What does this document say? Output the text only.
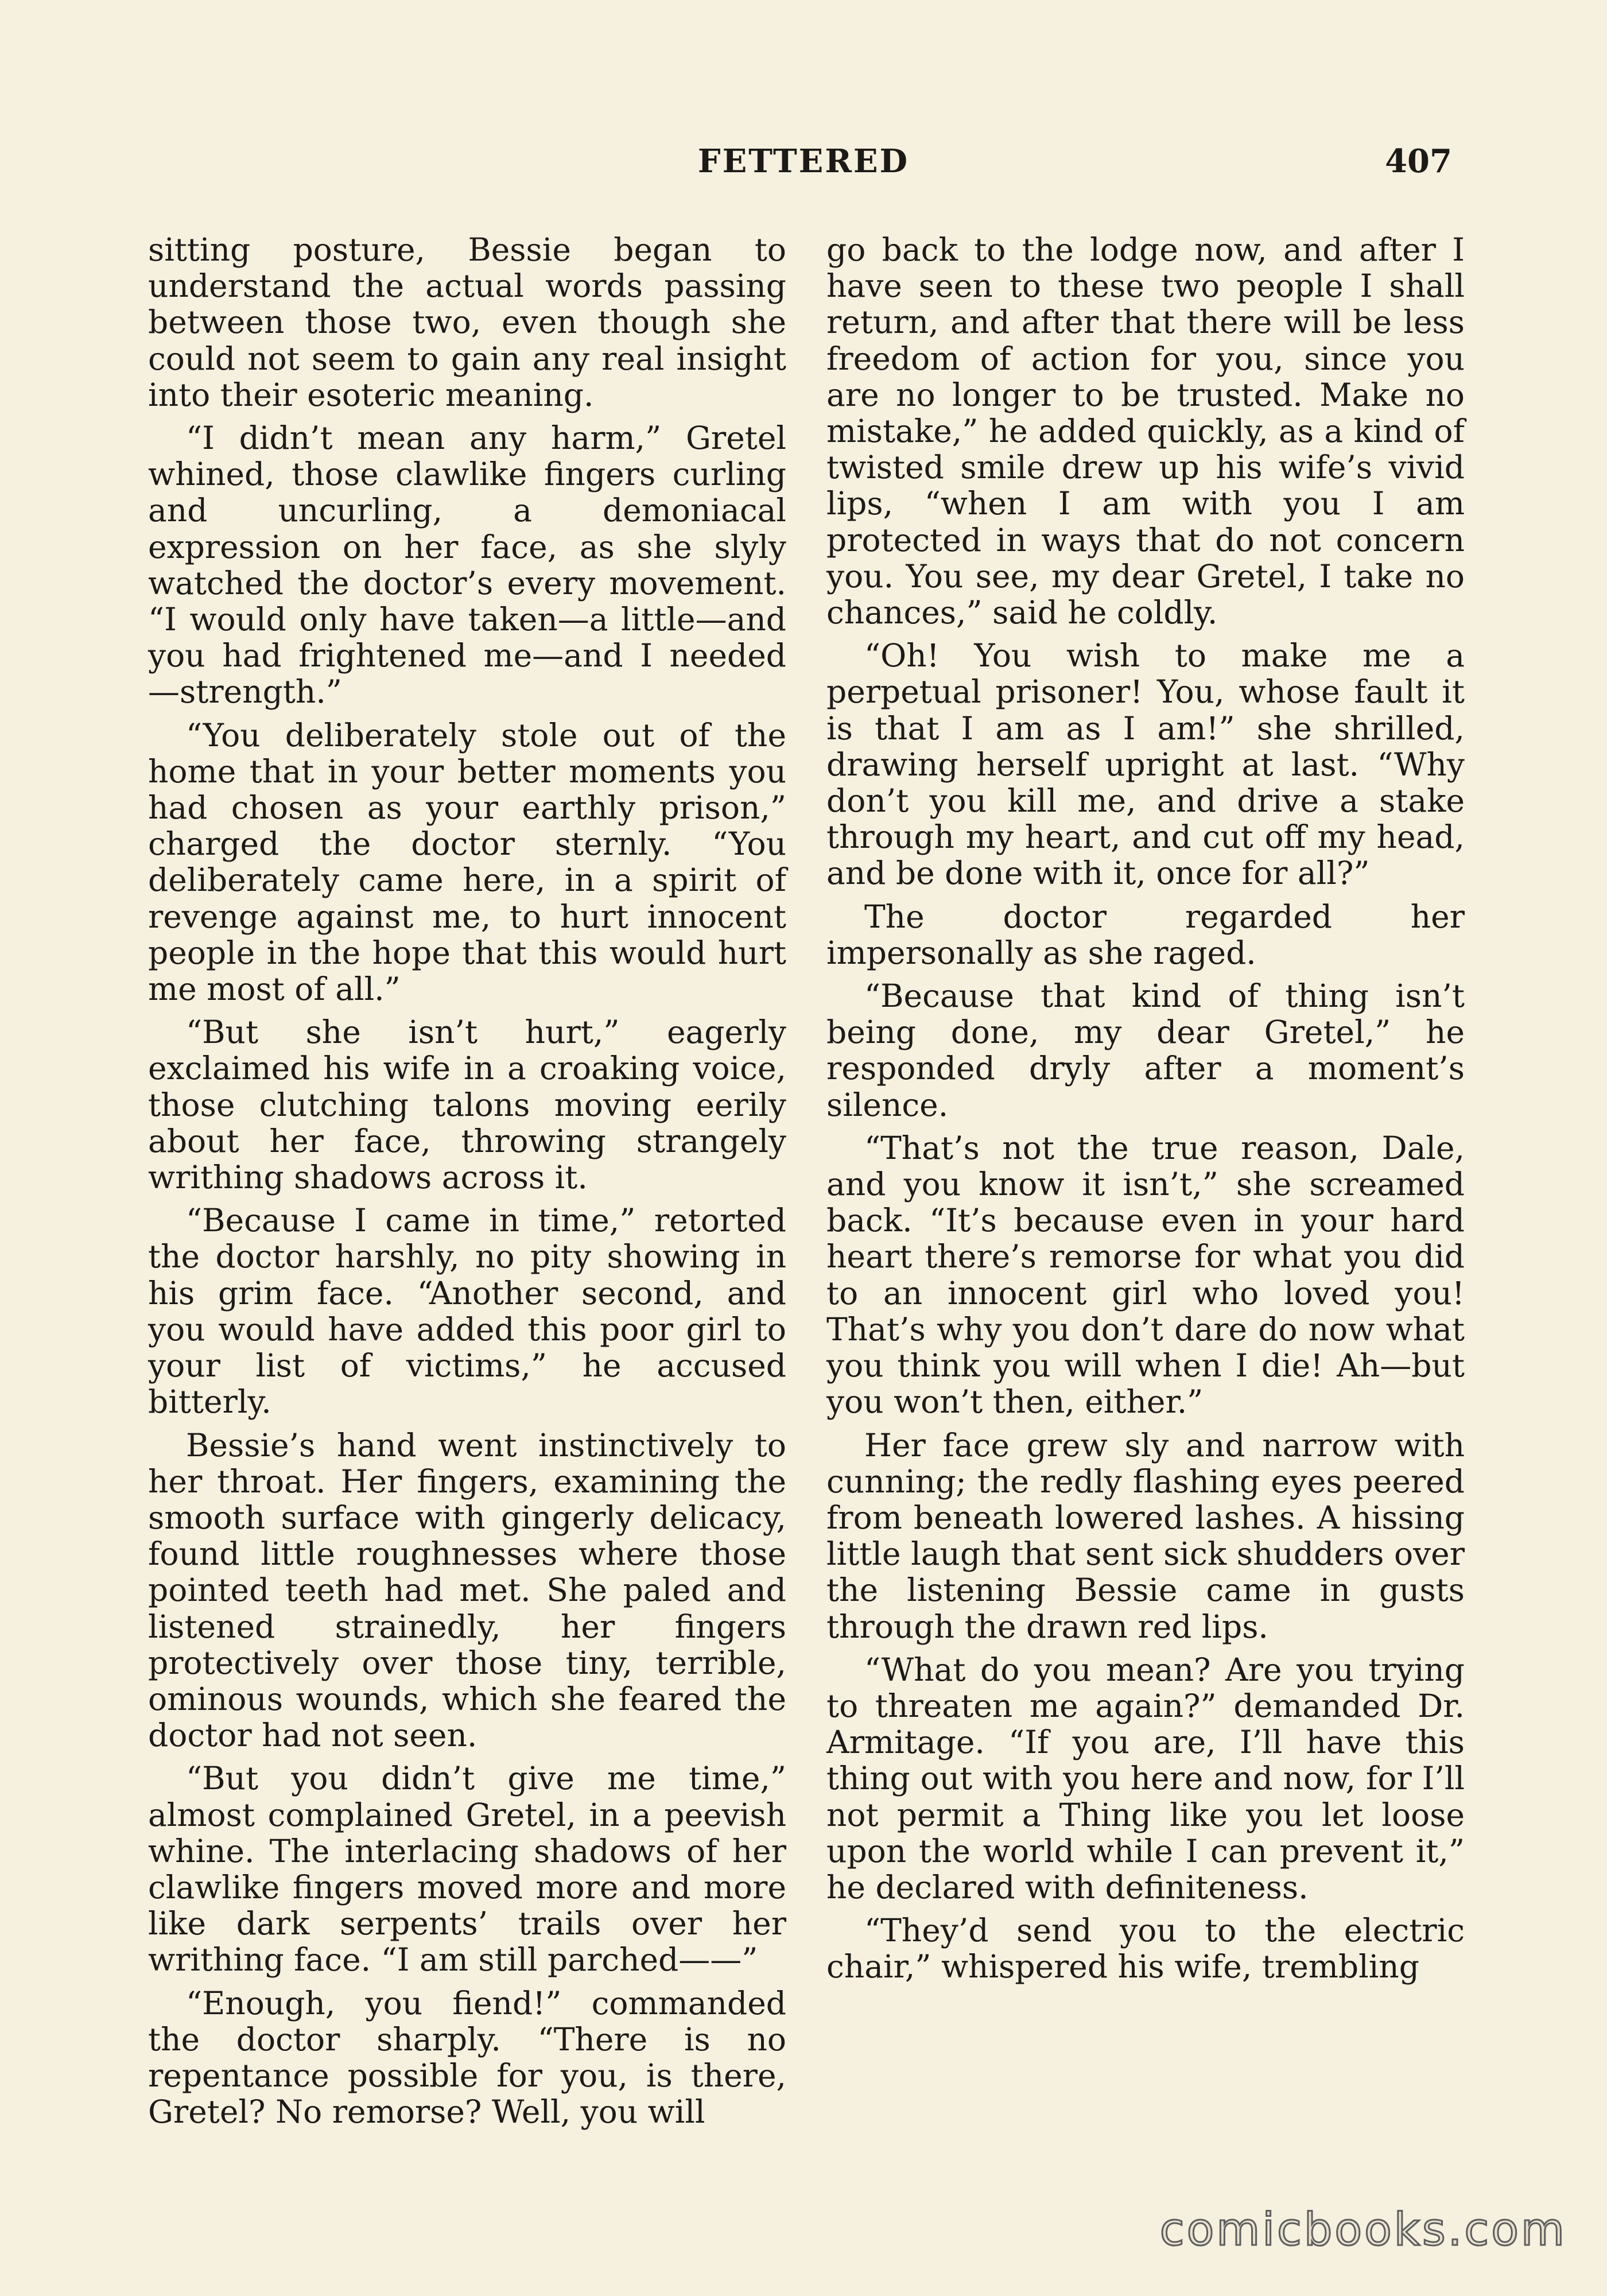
FETTERED	407

sitting posture, Bessie began to understand the actual words passing between those two, even though she could not seem to gain any real insight into their esoteric meaning.

“I didn’t mean any harm,” Gretel whined, those clawlike fingers curling and uncurling, a demoniacal expression on her face, as she slyly watched the doctor’s every movement. “I would only have taken—a little—and you had frightened me—and I needed —strength.”

“You deliberately stole out of the home that in your better moments you had chosen as your earthly prison,” charged the doctor sternly. “You deliberately came here, in a spirit of revenge against me, to hurt innocent people in the hope that this would hurt me most of all.”

“But she isn’t hurt,” eagerly exclaimed his wife in a croaking voice, those clutching talons moving eerily about her face, throwing strangely writhing shadows across it.

“Because I came in time,” retorted the doctor harshly, no pity showing in his grim face. “Another second, and you would have added this poor girl to your list of victims,” he accused bitterly.

Bessie’s hand went instinctively to her throat. Her fingers, examining the smooth surface with gingerly delicacy, found little roughnesses where those pointed teeth had met. She paled and listened strainedly, her fingers protectively over those tiny, terrible, ominous wounds, which she feared the doctor had not seen.

“But you didn’t give me time,” almost complained Gretel, in a peevish whine. The interlacing shadows of her clawlike fingers moved more and more like dark serpents’ trails over her writhing face. “I am still parched——”

“Enough, you fiend!” commanded the doctor sharply. “There is no repentance possible for you, is there, Gretel? No remorse? Well, you will

go back to the lodge now, and after I have seen to these two people I shall return, and after that there will be less freedom of action for you, since you are no longer to be trusted. Make no mistake,” he added quickly, as a kind of twisted smile drew up his wife’s vivid lips, “when I am with you I am protected in ways that do not concern you. You see, my dear Gretel, I take no chances,” said he coldly.

“Oh! You wish to make me a perpetual prisoner! You, whose fault it is that I am as I am!” she shrilled, drawing herself upright at last. “Why don’t you kill me, and drive a stake through my heart, and cut off my head, and be done with it, once for all?”

The doctor regarded her impersonally as she raged.

“Because that kind of thing isn’t being done, my dear Gretel,” he responded dryly after a moment’s silence.

“That’s not the true reason, Dale, and you know it isn’t,” she screamed back. “It’s because even in your hard heart there’s remorse for what you did to an innocent girl who loved you! That’s why you don’t dare do now what you think you will when I die! Ah—but you won’t then, either.”

Her face grew sly and narrow with cunning; the redly flashing eyes peered from beneath lowered lashes. A hissing little laugh that sent sick shudders over the listening Bessie came in gusts through the drawn red lips.

“What do you mean? Are you trying to threaten me again?” demanded Dr. Armitage. “If you are, I’ll have this thing out with you here and now, for I’ll not permit a Thing like you let loose upon the world while I can prevent it,” he declared with definiteness.

“They’d send you to the electric chair,” whispered his wife, trembling

comicbooks.com
